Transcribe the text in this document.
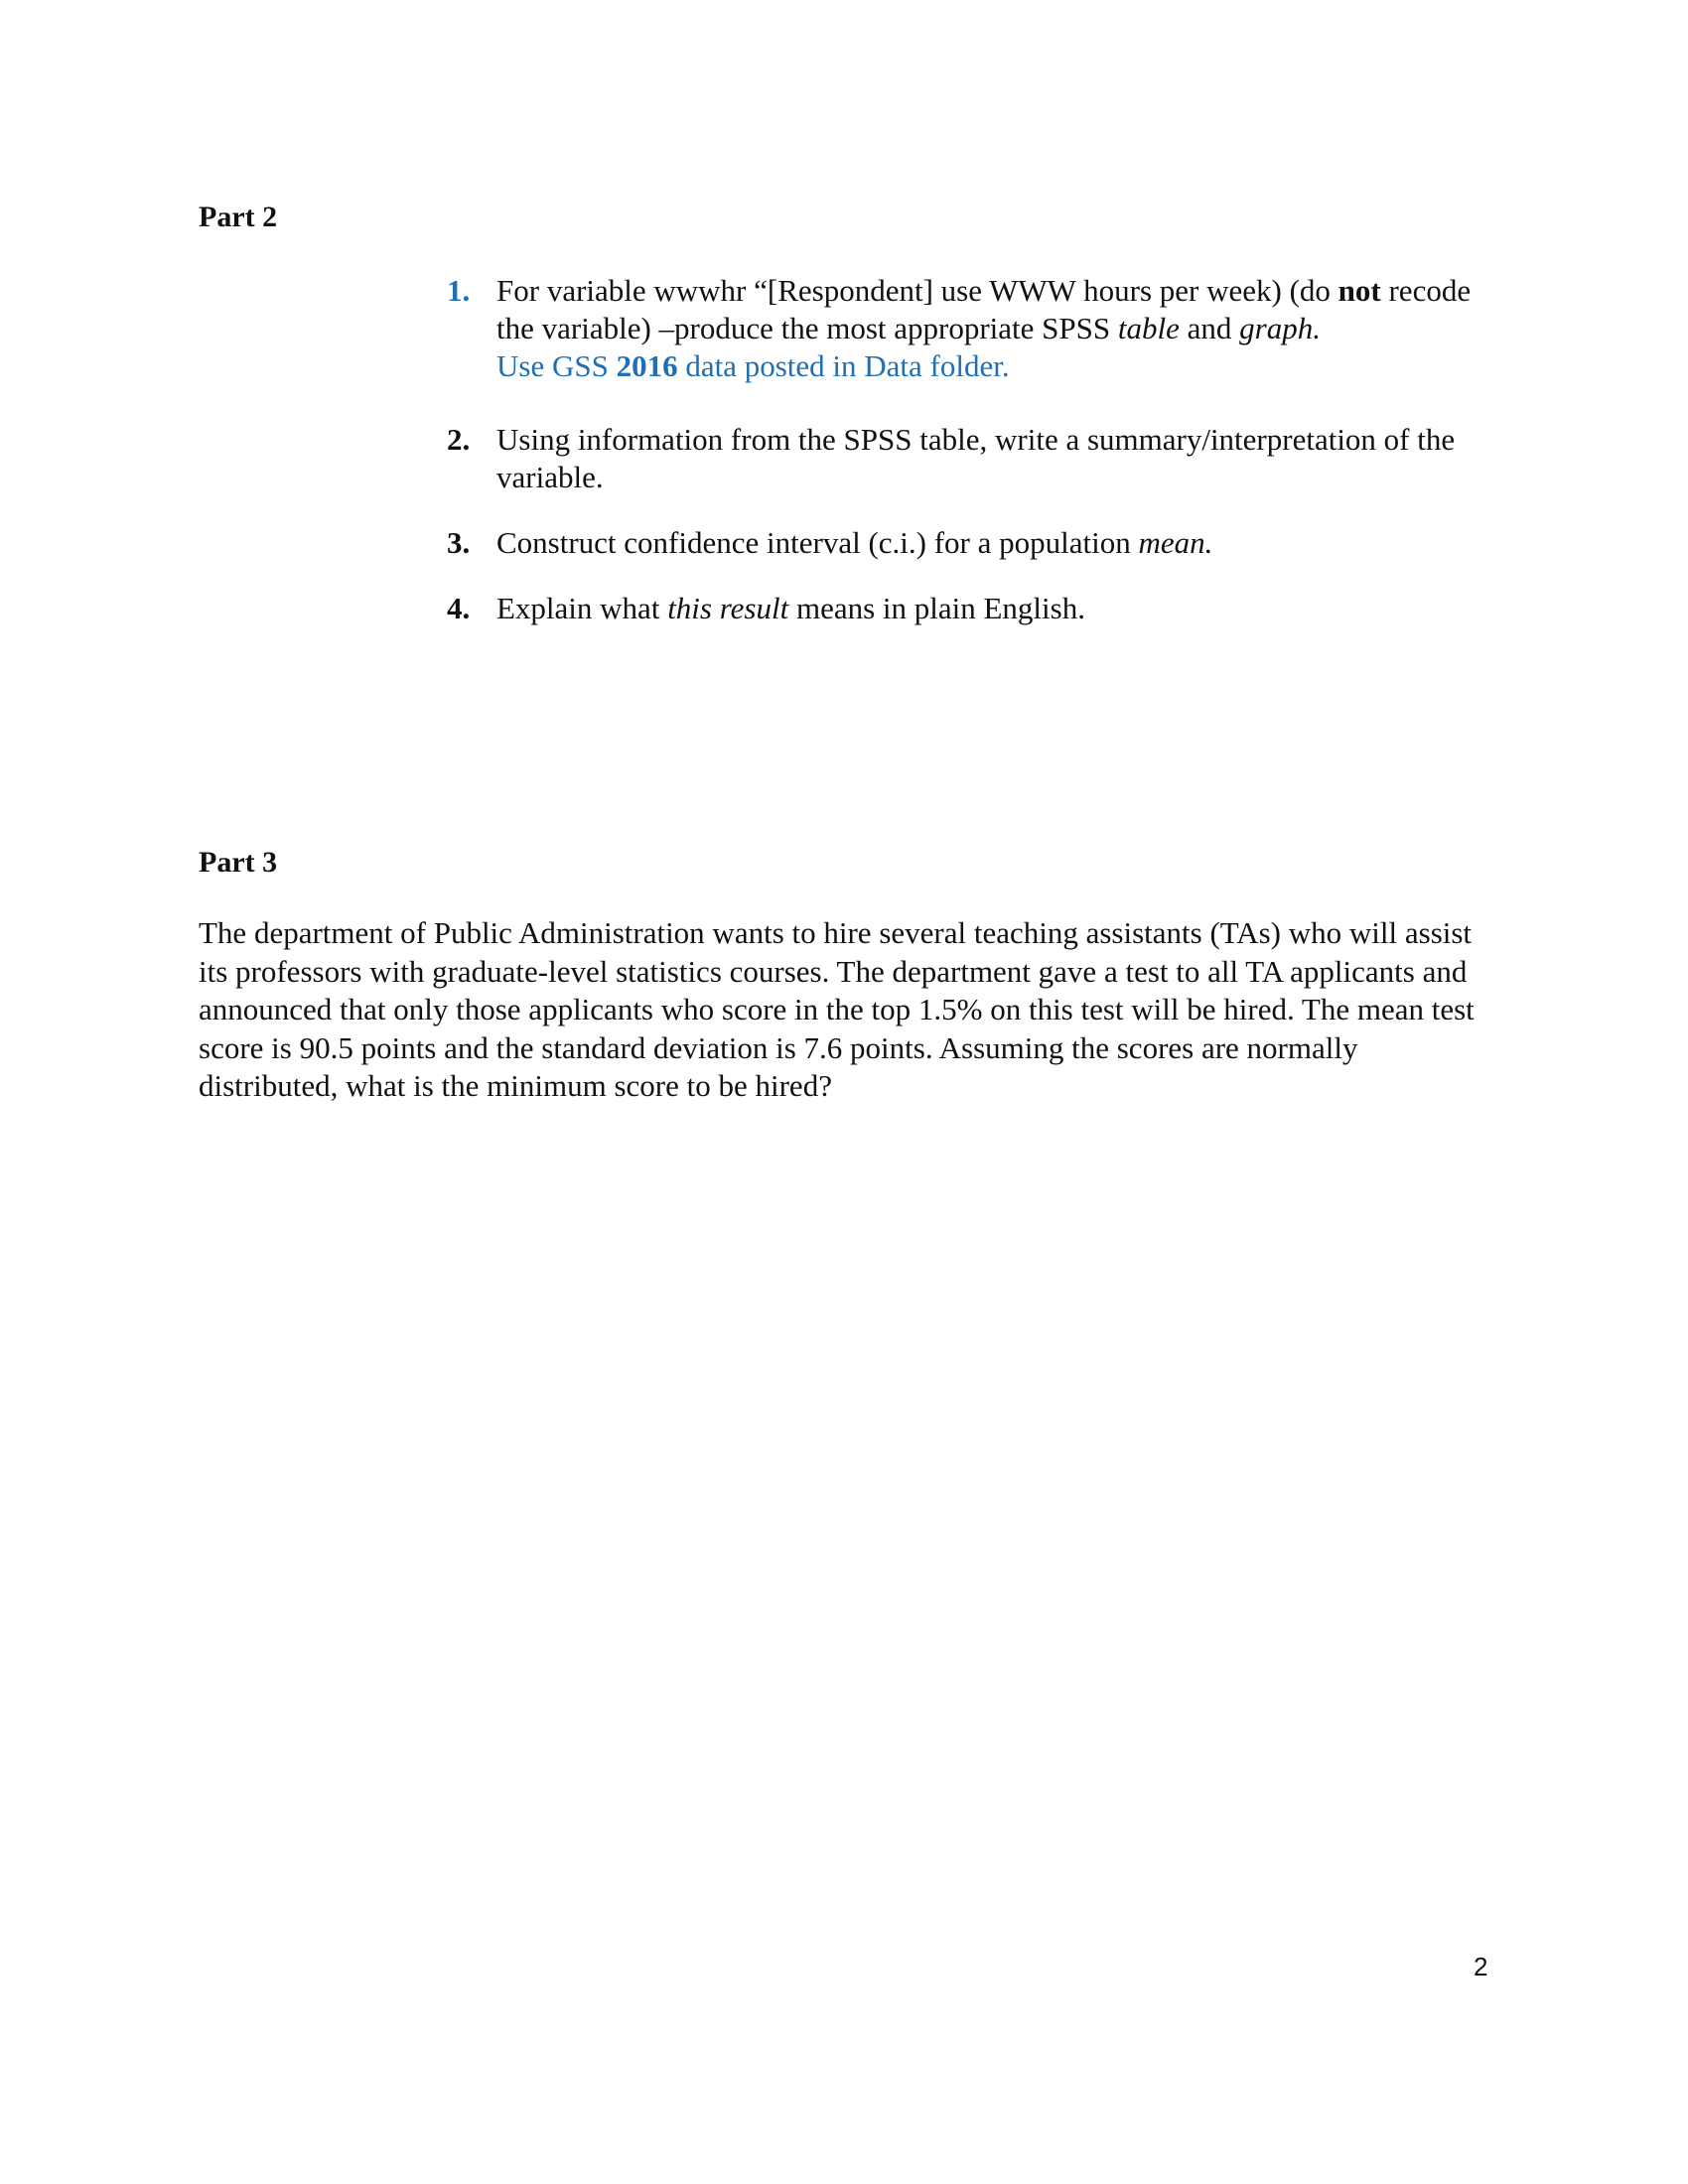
Part 2
1. For variable wwwhr “[Respondent] use WWW hours per week) (do not recode the variable) –produce the most appropriate SPSS table and graph.
Use GSS 2016 data posted in Data folder.
2. Using information from the SPSS table, write a summary/interpretation of the variable.
3. Construct confidence interval (c.i.) for a population mean.
4. Explain what this result means in plain English.
Part 3

The department of Public Administration wants to hire several teaching assistants (TAs) who will assist its professors with graduate-level statistics courses. The department gave a test to all TA applicants and announced that only those applicants who score in the top 1.5% on this test will be hired. The mean test score is 90.5 points and the standard deviation is 7.6 points. Assuming the scores are normally distributed, what is the minimum score to be hired?

2
